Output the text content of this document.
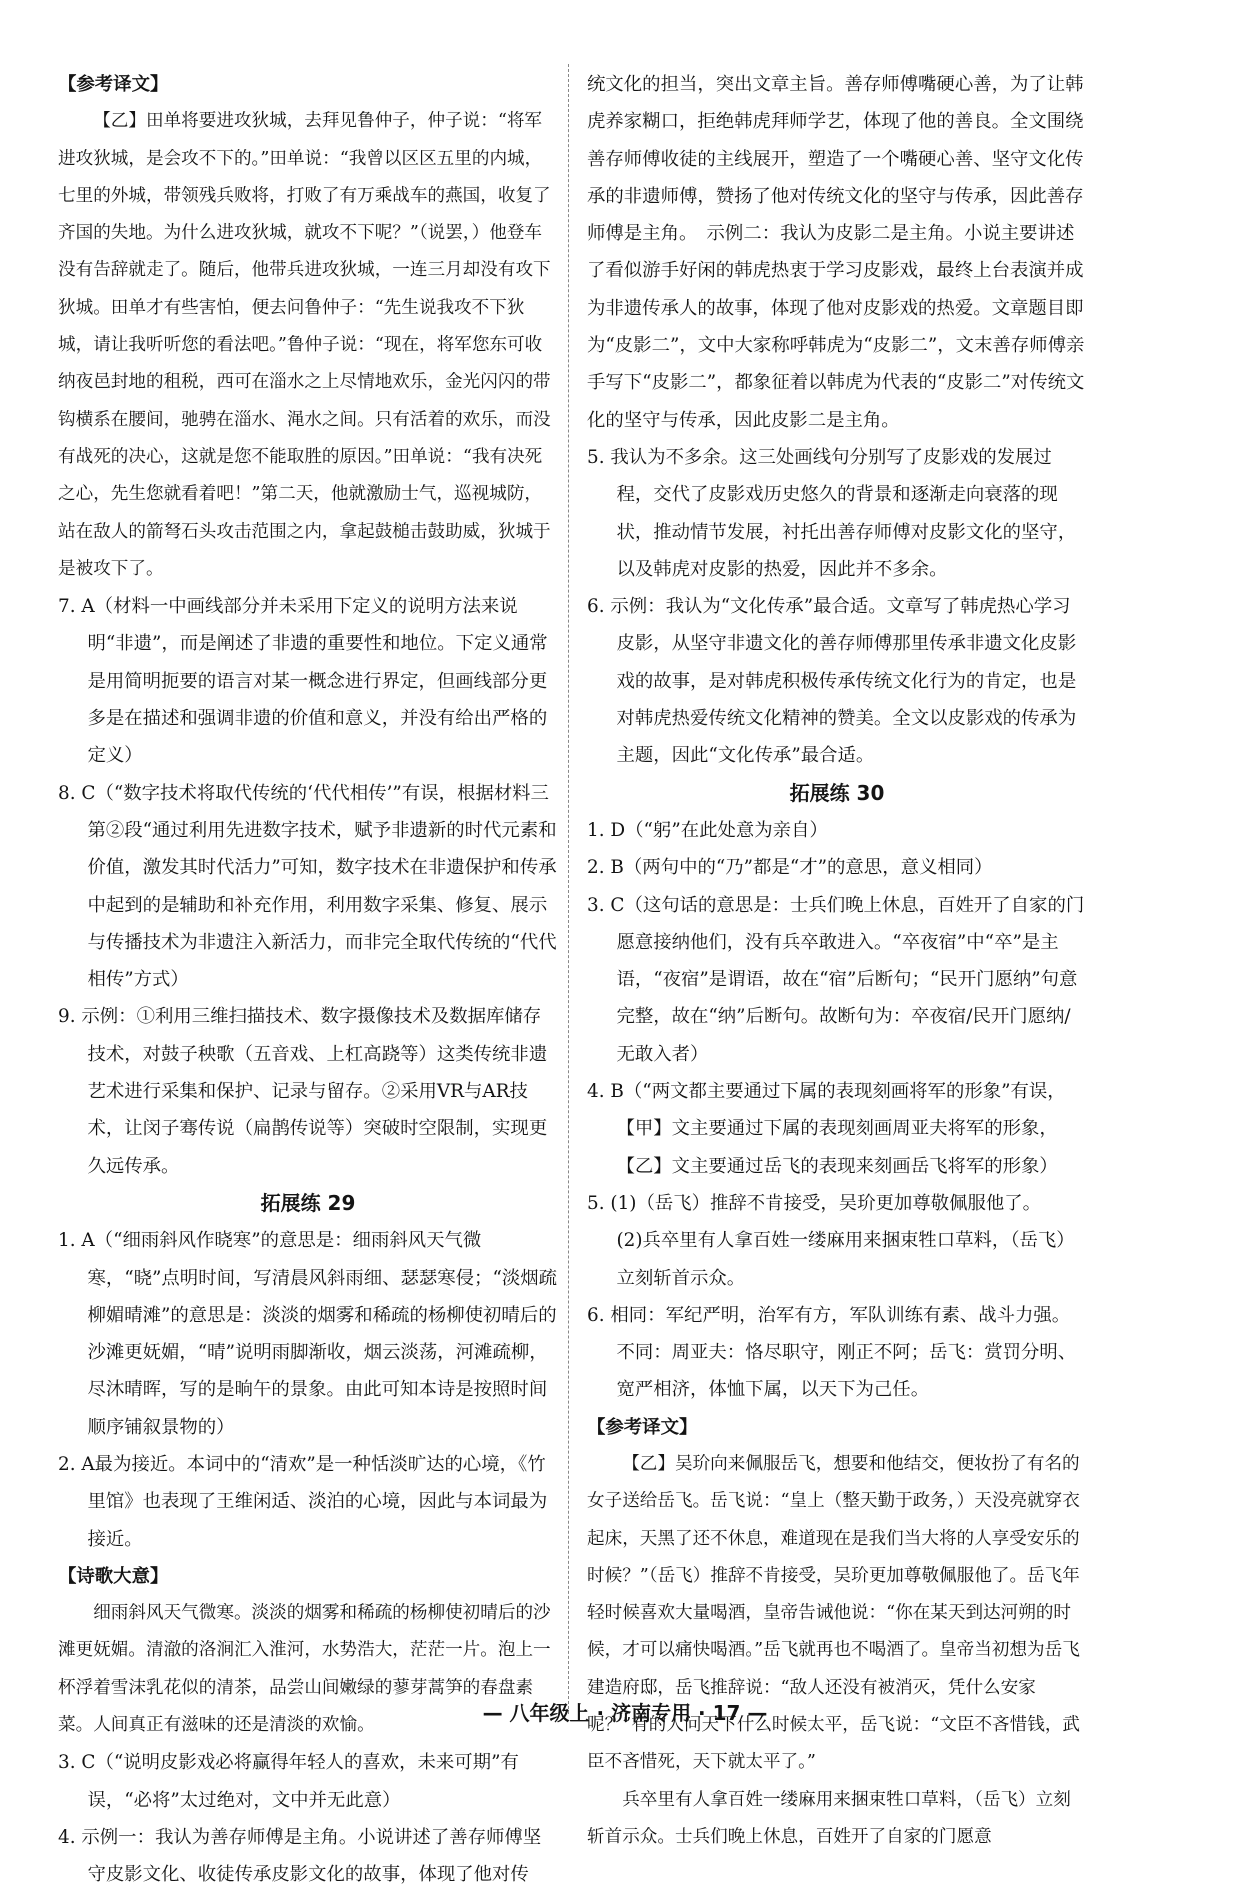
【参考译文】

【乙】田单将要进攻狄城，去拜见鲁仲子，仲子说：“将军进攻狄城，是会攻不下的。”田单说：“我曾以区区五里的内城，七里的外城，带领残兵败将，打败了有万乘战车的燕国，收复了齐国的失地。为什么进攻狄城，就攻不下呢？”（说罢，）他登车没有告辞就走了。随后，他带兵进攻狄城，一连三月却没有攻下狄城。田单才有些害怕，便去问鲁仲子：“先生说我攻不下狄城，请让我听听您的看法吧。”鲁仲子说：“现在，将军您东可收纳夜邑封地的租税，西可在淄水之上尽情地欢乐，金光闪闪的带钩横系在腰间，驰骋在淄水、渑水之间。只有活着的欢乐，而没有战死的决心，这就是您不能取胜的原因。”田单说：“我有决死之心，先生您就看着吧！”第二天，他就激励士气，巡视城防，站在敌人的箭弩石头攻击范围之内，拿起鼓槌击鼓助威，狄城于是被攻下了。

7. A（材料一中画线部分并未采用下定义的说明方法来说明“非遗”，而是阐述了非遗的重要性和地位。下定义通常是用简明扼要的语言对某一概念进行界定，但画线部分更多是在描述和强调非遗的价值和意义，并没有给出严格的定义）

8. C（“数字技术将取代传统的‘代代相传’”有误，根据材料三第②段“通过利用先进数字技术，赋予非遗新的时代元素和价值，激发其时代活力”可知，数字技术在非遗保护和传承中起到的是辅助和补充作用，利用数字采集、修复、展示与传播技术为非遗注入新活力，而非完全取代传统的“代代相传”方式）

9. 示例：①利用三维扫描技术、数字摄像技术及数据库储存技术，对鼓子秧歌（五音戏、上杠高跷等）这类传统非遗艺术进行采集和保护、记录与留存。②采用VR与AR技术，让闵子骞传说（扁鹊传说等）突破时空限制，实现更久远传承。

拓展练 29

1. A（“细雨斜风作晓寒”的意思是：细雨斜风天气微寒，“晓”点明时间，写清晨风斜雨细、瑟瑟寒侵；“淡烟疏柳媚晴滩”的意思是：淡淡的烟雾和稀疏的杨柳使初晴后的沙滩更妩媚，“晴”说明雨脚渐收，烟云淡荡，河滩疏柳，尽沐晴晖，写的是晌午的景象。由此可知本诗是按照时间顺序铺叙景物的）

2. A最为接近。本词中的“清欢”是一种恬淡旷达的心境，《竹里馆》也表现了王维闲适、淡泊的心境，因此与本词最为接近。

【诗歌大意】

细雨斜风天气微寒。淡淡的烟雾和稀疏的杨柳使初晴后的沙滩更妩媚。清澈的洛涧汇入淮河，水势浩大，茫茫一片。泡上一杯浮着雪沫乳花似的清茶，品尝山间嫩绿的蓼芽蒿笋的春盘素菜。人间真正有滋味的还是清淡的欢愉。

3. C（“说明皮影戏必将赢得年轻人的喜欢，未来可期”有误，“必将”太过绝对，文中并无此意）

4. 示例一：我认为善存师傅是主角。小说讲述了善存师傅坚守皮影文化、收徒传承皮影文化的故事，体现了他对传

统文化的担当，突出文章主旨。善存师傅嘴硬心善，为了让韩虎养家糊口，拒绝韩虎拜师学艺，体现了他的善良。全文围绕善存师傅收徒的主线展开，塑造了一个嘴硬心善、坚守文化传承的非遗师傅，赞扬了他对传统文化的坚守与传承，因此善存师傅是主角。　示例二：我认为皮影二是主角。小说主要讲述了看似游手好闲的韩虎热衷于学习皮影戏，最终上台表演并成为非遗传承人的故事，体现了他对皮影戏的热爱。文章题目即为“皮影二”，文中大家称呼韩虎为“皮影二”，文末善存师傅亲手写下“皮影二”，都象征着以韩虎为代表的“皮影二”对传统文化的坚守与传承，因此皮影二是主角。

5. 我认为不多余。这三处画线句分别写了皮影戏的发展过程，交代了皮影戏历史悠久的背景和逐渐走向衰落的现状，推动情节发展，衬托出善存师傅对皮影文化的坚守，以及韩虎对皮影的热爱，因此并不多余。

6. 示例：我认为“文化传承”最合适。文章写了韩虎热心学习皮影，从坚守非遗文化的善存师傅那里传承非遗文化皮影戏的故事，是对韩虎积极传承传统文化行为的肯定，也是对韩虎热爱传统文化精神的赞美。全文以皮影戏的传承为主题，因此“文化传承”最合适。

拓展练 30

1. D（“躬”在此处意为亲自）

2. B（两句中的“乃”都是“才”的意思，意义相同）

3. C（这句话的意思是：士兵们晚上休息，百姓开了自家的门愿意接纳他们，没有兵卒敢进入。“卒夜宿”中“卒”是主语，“夜宿”是谓语，故在“宿”后断句；“民开门愿纳”句意完整，故在“纳”后断句。故断句为：卒夜宿/民开门愿纳/无敢入者）

4. B（“两文都主要通过下属的表现刻画将军的形象”有误，【甲】文主要通过下属的表现刻画周亚夫将军的形象，【乙】文主要通过岳飞的表现来刻画岳飞将军的形象）

5. (1)（岳飞）推辞不肯接受，吴玠更加尊敬佩服他了。

(2)兵卒里有人拿百姓一缕麻用来捆束牲口草料，（岳飞）立刻斩首示众。

6. 相同：军纪严明，治军有方，军队训练有素、战斗力强。

不同：周亚夫：恪尽职守，刚正不阿；岳飞：赏罚分明、宽严相济，体恤下属，以天下为己任。

【参考译文】

【乙】吴玠向来佩服岳飞，想要和他结交，便妆扮了有名的女子送给岳飞。岳飞说：“皇上（整天勤于政务，）天没亮就穿衣起床，天黑了还不休息，难道现在是我们当大将的人享受安乐的时候？”（岳飞）推辞不肯接受，吴玠更加尊敬佩服他了。岳飞年轻时候喜欢大量喝酒，皇帝告诫他说：“你在某天到达河朔的时候，才可以痛快喝酒。”岳飞就再也不喝酒了。皇帝当初想为岳飞建造府邸，岳飞推辞说：“敌人还没有被消灭，凭什么安家呢？”有的人问天下什么时候太平，岳飞说：“文臣不吝惜钱，武臣不吝惜死，天下就太平了。”

兵卒里有人拿百姓一缕麻用来捆束牲口草料，（岳飞）立刻斩首示众。士兵们晚上休息，百姓开了自家的门愿意

— 八年级上 · 济南专用 · 17 —
